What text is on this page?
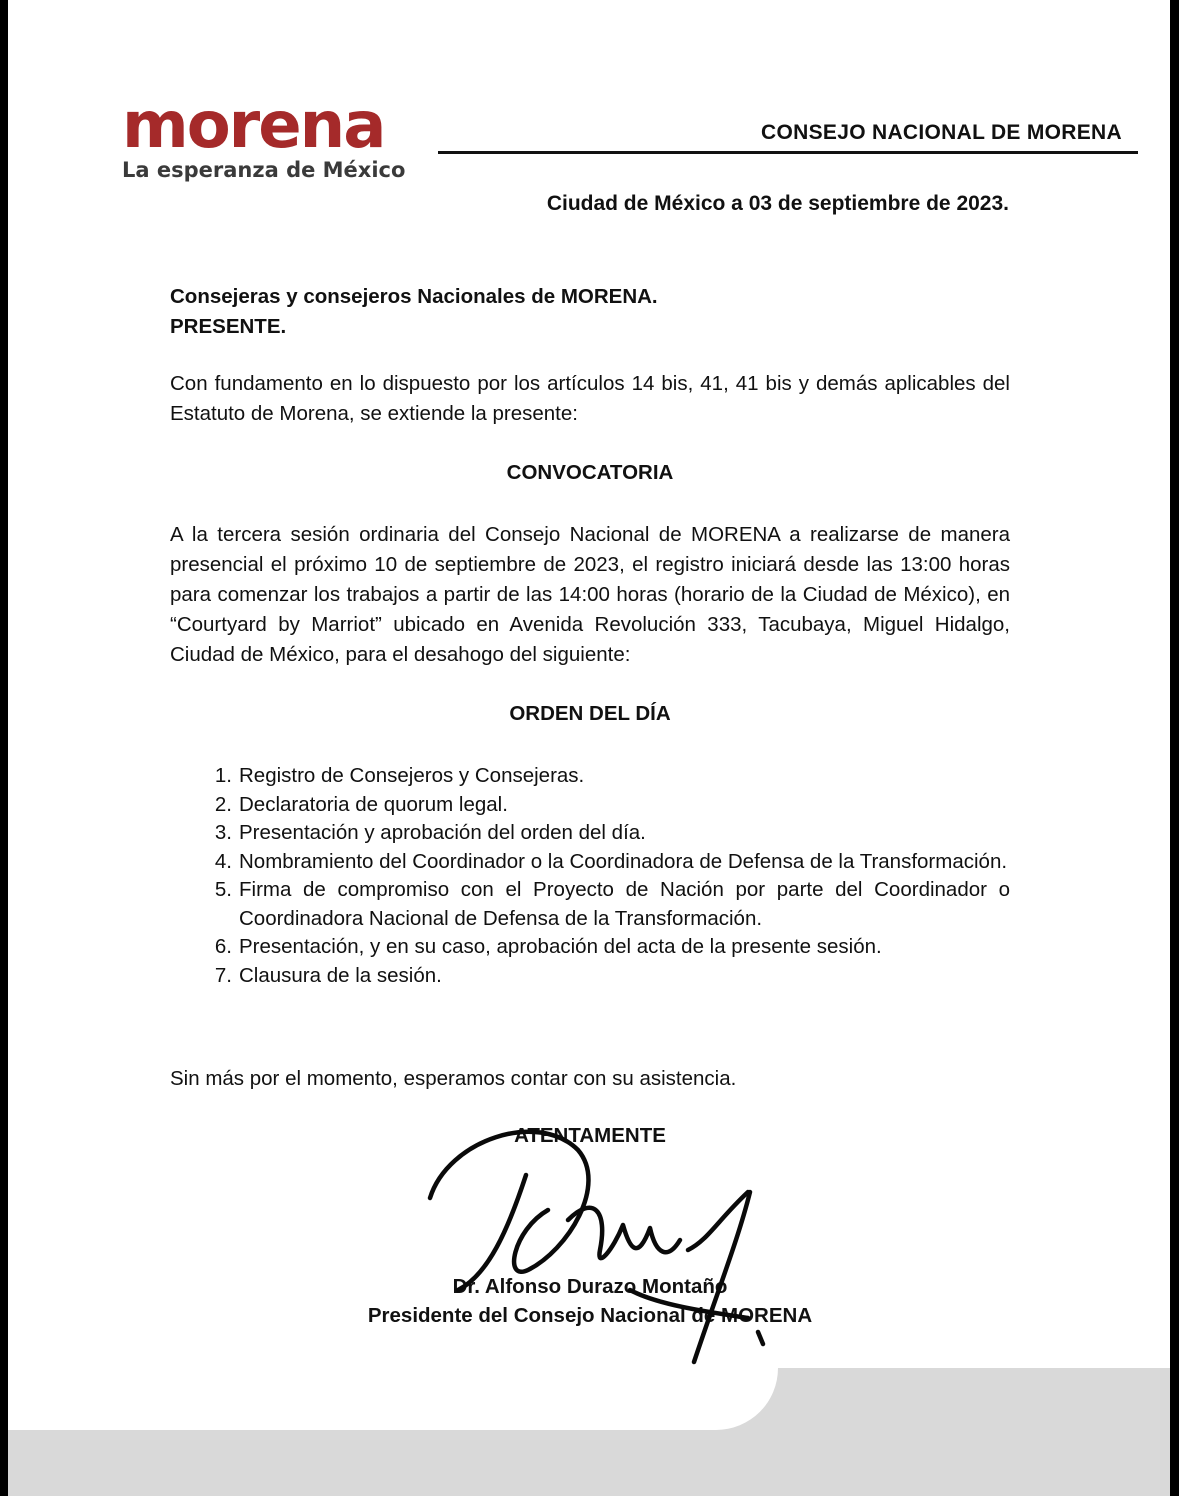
morena
La esperanza de México
CONSEJO NACIONAL DE MORENA
Ciudad de México a 03 de septiembre de 2023.
Consejeras y consejeros Nacionales de MORENA.
PRESENTE.
Con fundamento en lo dispuesto por los artículos 14 bis, 41, 41 bis y demás aplicables del Estatuto de Morena, se extiende la presente:
CONVOCATORIA
A la tercera sesión ordinaria del Consejo Nacional de MORENA a realizarse de manera presencial el próximo 10 de septiembre de 2023, el registro iniciará desde las 13:00 horas para comenzar los trabajos a partir de las 14:00 horas (horario de la Ciudad de México), en “Courtyard by Marriot” ubicado en Avenida Revolución 333, Tacubaya, Miguel Hidalgo, Ciudad de México, para el desahogo del siguiente:
ORDEN DEL DÍA
1. Registro de Consejeros y Consejeras.
2. Declaratoria de quorum legal.
3. Presentación y aprobación del orden del día.
4. Nombramiento del Coordinador o la Coordinadora de Defensa de la Transformación.
5. Firma de compromiso con el Proyecto de Nación por parte del Coordinador o Coordinadora Nacional de Defensa de la Transformación.
6. Presentación, y en su caso, aprobación del acta de la presente sesión.
7. Clausura de la sesión.
Sin más por el momento, esperamos contar con su asistencia.
ATENTAMENTE
Dr. Alfonso Durazo Montaño
Presidente del Consejo Nacional de MORENA
